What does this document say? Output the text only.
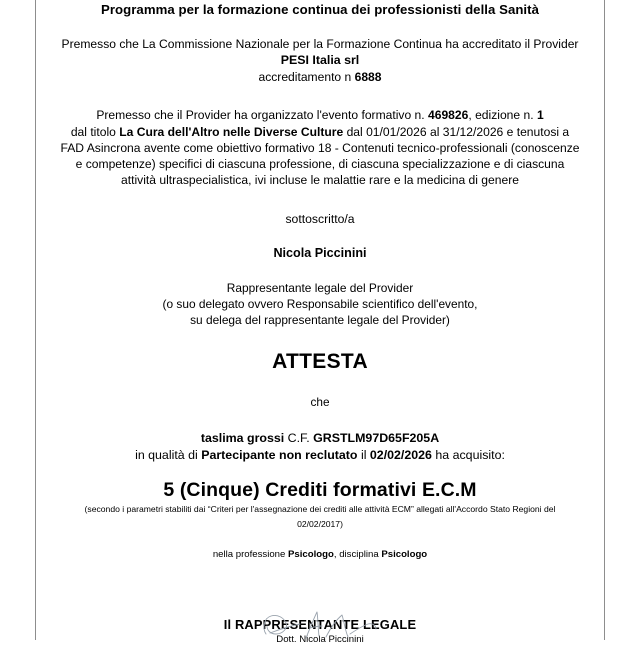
Programma per la formazione continua dei professionisti della Sanità
Premesso che La Commissione Nazionale per la Formazione Continua ha accreditato il Provider
PESI Italia srl
accreditamento n 6888
Premesso che il Provider ha organizzato l'evento formativo n. 469826, edizione n. 1
dal titolo La Cura dell'Altro nelle Diverse Culture dal 01/01/2026 al 31/12/2026 e tenutosi a
FAD Asincrona avente come obiettivo formativo 18 - Contenuti tecnico-professionali (conoscenze
e competenze) specifici di ciascuna professione, di ciascuna specializzazione e di ciascuna
attività ultraspecialistica, ivi incluse le malattie rare e la medicina di genere
sottoscritto/a
Nicola Piccinini
Rappresentante legale del Provider
(o suo delegato ovvero Responsabile scientifico dell'evento,
su delega del rappresentante legale del Provider)
ATTESTA
che
taslima grossi C.F. GRSTLM97D65F205A
in qualità di Partecipante non reclutato il 02/02/2026 ha acquisito:
5 (Cinque) Crediti formativi E.C.M
(secondo i parametri stabiliti dai “Criteri per l'assegnazione dei crediti alle attività ECM” allegati all'Accordo Stato Regioni del
02/02/2017)
nella professione Psicologo, disciplina Psicologo
Il RAPPRESENTANTE LEGALE
Dott. Nicola Piccinini
